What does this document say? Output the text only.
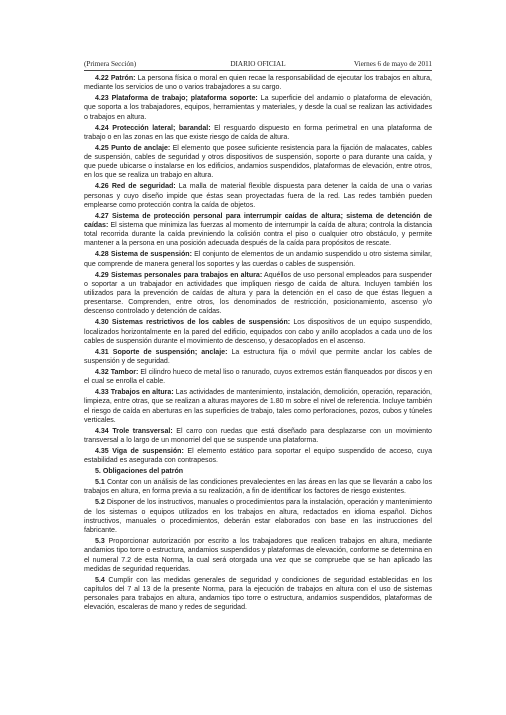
(Primera Sección)	DIARIO OFICIAL	Viernes 6 de mayo de 2011

4.22 Patrón: La persona física o moral en quien recae la responsabilidad de ejecutar los trabajos en altura, mediante los servicios de uno o varios trabajadores a su cargo.

4.23 Plataforma de trabajo; plataforma soporte: La superficie del andamio o plataforma de elevación, que soporta a los trabajadores, equipos, herramientas y materiales, y desde la cual se realizan las actividades o trabajos en altura.

4.24 Protección lateral; barandal: El resguardo dispuesto en forma perimetral en una plataforma de trabajo o en las zonas en las que existe riesgo de caída de altura.

4.25 Punto de anclaje: El elemento que posee suficiente resistencia para la fijación de malacates, cables de suspensión, cables de seguridad y otros dispositivos de suspensión, soporte o para durante una caída, y que puede ubicarse o instalarse en los edificios, andamios suspendidos, plataformas de elevación, entre otros, en los que se realiza un trabajo en altura.

4.26 Red de seguridad: La malla de material flexible dispuesta para detener la caída de una o varias personas y cuyo diseño impide que éstas sean proyectadas fuera de la red. Las redes también pueden emplearse como protección contra la caída de objetos.

4.27 Sistema de protección personal para interrumpir caídas de altura; sistema de detención de caídas: El sistema que minimiza las fuerzas al momento de interrumpir la caída de altura; controla la distancia total recorrida durante la caída previniendo la colisión contra el piso o cualquier otro obstáculo, y permite mantener a la persona en una posición adecuada después de la caída para propósitos de rescate.

4.28 Sistema de suspensión: El conjunto de elementos de un andamio suspendido u otro sistema similar, que comprende de manera general los soportes y las cuerdas o cables de suspensión.

4.29 Sistemas personales para trabajos en altura: Aquéllos de uso personal empleados para suspender o soportar a un trabajador en actividades que impliquen riesgo de caída de altura. Incluyen también los utilizados para la prevención de caídas de altura y para la detención en el caso de que éstas lleguen a presentarse. Comprenden, entre otros, los denominados de restricción, posicionamiento, ascenso y/o descenso controlado y detención de caídas.

4.30 Sistemas restrictivos de los cables de suspensión: Los dispositivos de un equipo suspendido, localizados horizontalmente en la pared del edificio, equipados con cabo y anillo acoplados a cada uno de los cables de suspensión durante el movimiento de descenso, y desacoplados en el ascenso.

4.31 Soporte de suspensión; anclaje: La estructura fija o móvil que permite anclar los cables de suspensión y de seguridad.

4.32 Tambor: El cilindro hueco de metal liso o ranurado, cuyos extremos están flanqueados por discos y en el cual se enrolla el cable.

4.33 Trabajos en altura: Las actividades de mantenimiento, instalación, demolición, operación, reparación, limpieza, entre otras, que se realizan a alturas mayores de 1.80 m sobre el nivel de referencia. Incluye también el riesgo de caída en aberturas en las superficies de trabajo, tales como perforaciones, pozos, cubos y túneles verticales.

4.34 Trole transversal: El carro con ruedas que está diseñado para desplazarse con un movimiento transversal a lo largo de un monorriel del que se suspende una plataforma.

4.35 Viga de suspensión: El elemento estático para soportar el equipo suspendido de acceso, cuya estabilidad es asegurada con contrapesos.

5. Obligaciones del patrón

5.1 Contar con un análisis de las condiciones prevalecientes en las áreas en las que se llevarán a cabo los trabajos en altura, en forma previa a su realización, a fin de identificar los factores de riesgo existentes.

5.2 Disponer de los instructivos, manuales o procedimientos para la instalación, operación y mantenimiento de los sistemas o equipos utilizados en los trabajos en altura, redactados en idioma español. Dichos instructivos, manuales o procedimientos, deberán estar elaborados con base en las instrucciones del fabricante.

5.3 Proporcionar autorización por escrito a los trabajadores que realicen trabajos en altura, mediante andamios tipo torre o estructura, andamios suspendidos y plataformas de elevación, conforme se determina en el numeral 7.2 de esta Norma, la cual será otorgada una vez que se compruebe que se han aplicado las medidas de seguridad requeridas.

5.4 Cumplir con las medidas generales de seguridad y condiciones de seguridad establecidas en los capítulos del 7 al 13 de la presente Norma, para la ejecución de trabajos en altura con el uso de sistemas personales para trabajos en altura, andamios tipo torre o estructura, andamios suspendidos, plataformas de elevación, escaleras de mano y redes de seguridad.
